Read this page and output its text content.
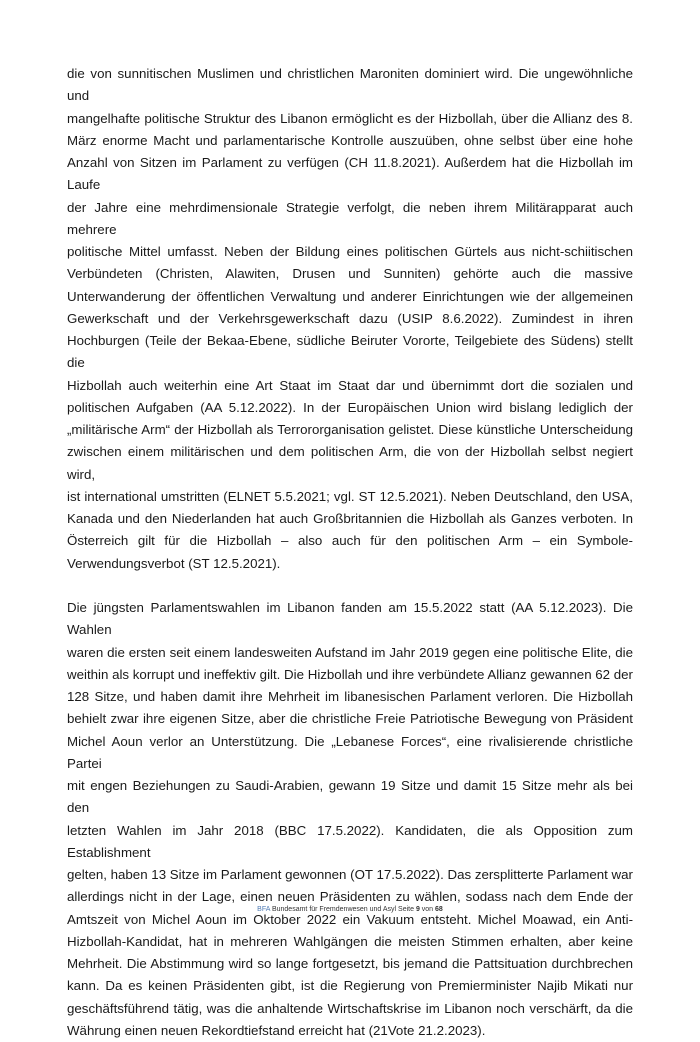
die von sunnitischen Muslimen und christlichen Maroniten dominiert wird. Die ungewöhnliche und
mangelhafte politische Struktur des Libanon ermöglicht es der Hizbollah, über die Allianz des 8.
März enorme Macht und parlamentarische Kontrolle auszuüben, ohne selbst über eine hohe
Anzahl von Sitzen im Parlament zu verfügen (CH 11.8.2021). Außerdem hat die Hizbollah im Laufe
der Jahre eine mehrdimensionale Strategie verfolgt, die neben ihrem Militärapparat auch mehrere
politische Mittel umfasst. Neben der Bildung eines politischen Gürtels aus nicht-schiitischen
Verbündeten (Christen, Alawiten, Drusen und Sunniten) gehörte auch die massive
Unterwanderung der öffentlichen Verwaltung und anderer Einrichtungen wie der allgemeinen
Gewerkschaft und der Verkehrsgewerkschaft dazu (USIP 8.6.2022). Zumindest in ihren
Hochburgen (Teile der Bekaa-Ebene, südliche Beiruter Vororte, Teilgebiete des Südens) stellt die
Hizbollah auch weiterhin eine Art Staat im Staat dar und übernimmt dort die sozialen und
politischen Aufgaben (AA 5.12.2022). In der Europäischen Union wird bislang lediglich der
„militärische Arm“ der Hizbollah als Terrororganisation gelistet. Diese künstliche Unterscheidung
zwischen einem militärischen und dem politischen Arm, die von der Hizbollah selbst negiert wird,
ist international umstritten (ELNET 5.5.2021; vgl. ST 12.5.2021). Neben Deutschland, den USA,
Kanada und den Niederlanden hat auch Großbritannien die Hizbollah als Ganzes verboten. In
Österreich gilt für die Hizbollah – also auch für den politischen Arm – ein Symbole-
Verwendungsverbot (ST 12.5.2021).

Die jüngsten Parlamentswahlen im Libanon fanden am 15.5.2022 statt (AA 5.12.2023). Die Wahlen
waren die ersten seit einem landesweiten Aufstand im Jahr 2019 gegen eine politische Elite, die
weithin als korrupt und ineffektiv gilt. Die Hizbollah und ihre verbündete Allianz gewannen 62 der
128 Sitze, und haben damit ihre Mehrheit im libanesischen Parlament verloren. Die Hizbollah
behielt zwar ihre eigenen Sitze, aber die christliche Freie Patriotische Bewegung von Präsident
Michel Aoun verlor an Unterstützung. Die „Lebanese Forces“, eine rivalisierende christliche Partei
mit engen Beziehungen zu Saudi-Arabien, gewann 19 Sitze und damit 15 Sitze mehr als bei den
letzten Wahlen im Jahr 2018 (BBC 17.5.2022). Kandidaten, die als Opposition zum Establishment
gelten, haben 13 Sitze im Parlament gewonnen (OT 17.5.2022). Das zersplitterte Parlament war
allerdings nicht in der Lage, einen neuen Präsidenten zu wählen, sodass nach dem Ende der
Amtszeit von Michel Aoun im Oktober 2022 ein Vakuum entsteht. Michel Moawad, ein Anti-
Hizbollah-Kandidat, hat in mehreren Wahlgängen die meisten Stimmen erhalten, aber keine
Mehrheit. Die Abstimmung wird so lange fortgesetzt, bis jemand die Pattsituation durchbrechen
kann. Da es keinen Präsidenten gibt, ist die Regierung von Premierminister Najib Mikati nur
geschäftsführend tätig, was die anhaltende Wirtschaftskrise im Libanon noch verschärft, da die
Währung einen neuen Rekordtiefstand erreicht hat (21Vote 21.2.2023).

BFA Bundesamt für Fremdenwesen und Asyl Seite 9 von 68
